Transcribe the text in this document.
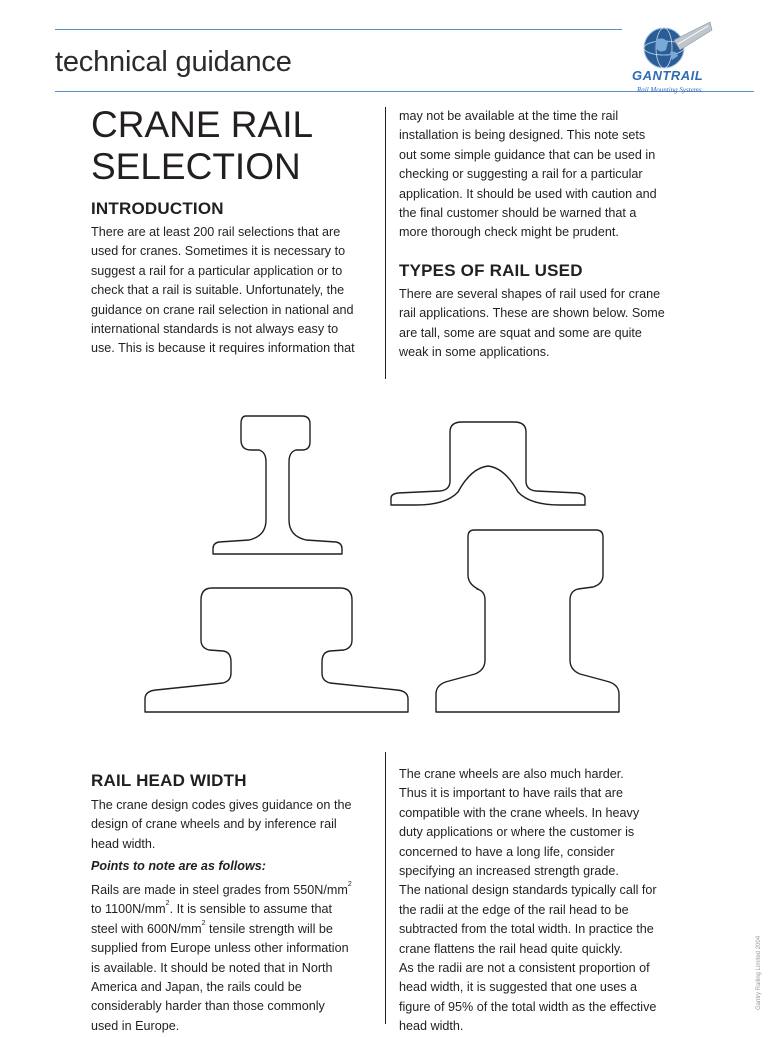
technical guidance	GANTRAIL
Rail Mounting Systems
CRANE RAIL
SELECTION
INTRODUCTION

There are at least 200 rail selections that are

used for cranes. Sometimes it is necessary to

suggest a rail for a particular application or to

check that a rail is suitable. Unfortunately, the

guidance on crane rail selection in national and

international standards is not always easy to

use. This is because it requires information that

may not be available at the time the rail

installation is being designed. This note sets

out some simple guidance that can be used in

checking or suggesting a rail for a particular

application. It should be used with caution and

the final customer should be warned that a

more thorough check might be prudent.

TYPES OF RAIL USED

There are several shapes of rail used for crane

rail applications. These are shown below. Some

are tall, some are squat and some are quite

weak in some applications.

RAIL HEAD WIDTH

The crane design codes gives guidance on the

design of crane wheels and by inference rail

head width.

Points to note are as follows:

Rails are made in steel grades from $550N/mm^2$

to $1100N/mm^2$. It is sensible to assume that

steel with $600N/mm^2$ tensile strength will be

supplied from Europe unless other information

is available. It should be noted that in North

America and Japan, the rails could be

considerably harder than those commonly

used in Europe.

The crane wheels are also much harder.

Thus it is important to have rails that are

compatible with the crane wheels. In heavy

duty applications or where the customer is

concerned to have a long life, consider

specifying an increased strength grade.

The national design standards typically call for

the radii at the edge of the rail head to be

subtracted from the total width. In practice the

crane flattens the rail head quite quickly.

As the radii are not a consistent proportion of

head width, it is suggested that one uses a

figure of 95% of the total width as the effective

head width.

Gantry Railing Limited 2004
